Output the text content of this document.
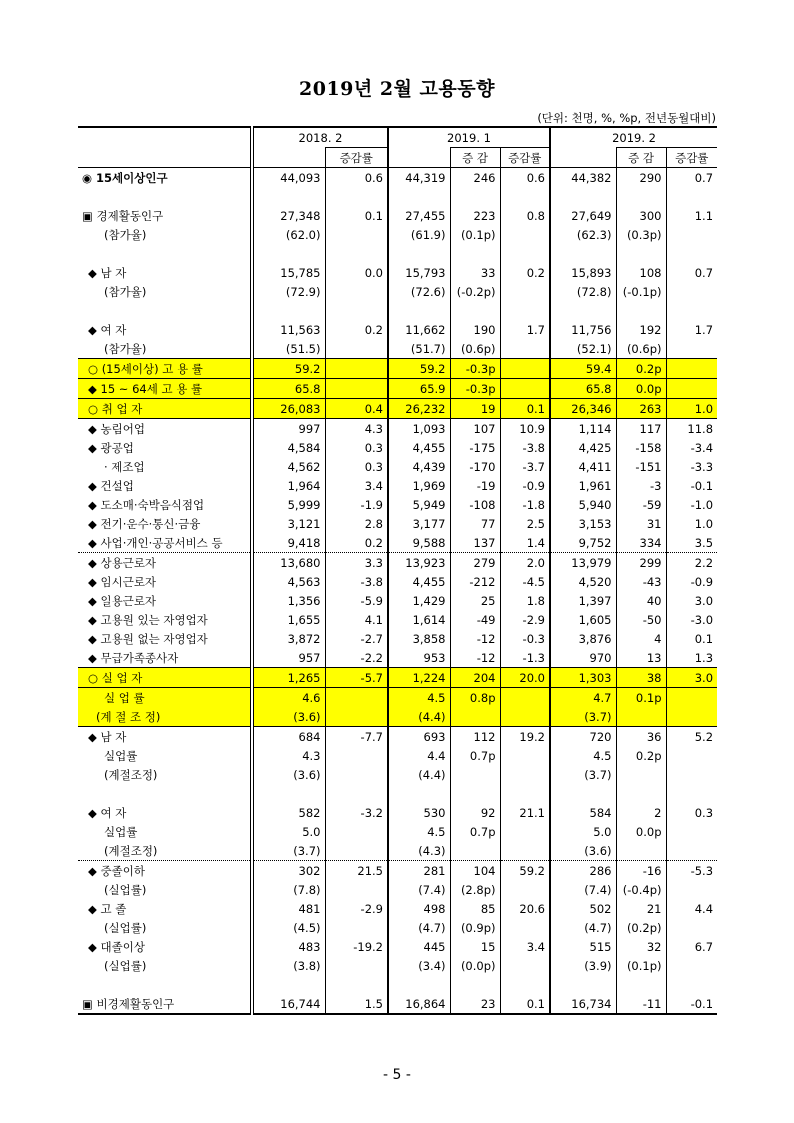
2019년 2월 고용동향
(단위: 천명, %, %p, 전년동월대비)
	2018. 2		2019. 1			2019. 2		
		증감률		증 감	증감률		증 감	증감률
◉ 15세이상인구	44,093	0.6	44,319	246	0.6	44,382	290	0.7

▣ 경제활동인구	27,348	0.1	27,455	223	0.8	27,649	300	1.1
(참가율)	(62.0)		(61.9)	(0.1p)		(62.3)	(0.3p)	

◆ 남 자	15,785	0.0	15,793	33	0.2	15,893	108	0.7
(참가율)	(72.9)		(72.6)	(-0.2p)		(72.8)	(-0.1p)	

◆ 여 자	11,563	0.2	11,662	190	1.7	11,756	192	1.7
(참가율)	(51.5)		(51.7)	(0.6p)		(52.1)	(0.6p)	
○ (15세이상) 고 용 률	59.2		59.2	-0.3p		59.4	0.2p	
◆ 15 ~ 64세 고 용 률	65.8		65.9	-0.3p		65.8	0.0p	
○ 취 업 자	26,083	0.4	26,232	19	0.1	26,346	263	1.0
◆ 농림어업	997	4.3	1,093	107	10.9	1,114	117	11.8
◆ 광공업	4,584	0.3	4,455	-175	-3.8	4,425	-158	-3.4
· 제조업	4,562	0.3	4,439	-170	-3.7	4,411	-151	-3.3
◆ 건설업	1,964	3.4	1,969	-19	-0.9	1,961	-3	-0.1
◆ 도소매·숙박음식점업	5,999	-1.9	5,949	-108	-1.8	5,940	-59	-1.0
◆ 전기·운수·통신·금융	3,121	2.8	3,177	77	2.5	3,153	31	1.0
◆ 사업·개인·공공서비스 등	9,418	0.2	9,588	137	1.4	9,752	334	3.5
◆ 상용근로자	13,680	3.3	13,923	279	2.0	13,979	299	2.2
◆ 임시근로자	4,563	-3.8	4,455	-212	-4.5	4,520	-43	-0.9
◆ 일용근로자	1,356	-5.9	1,429	25	1.8	1,397	40	3.0
◆ 고용원 있는 자영업자	1,655	4.1	1,614	-49	-2.9	1,605	-50	-3.0
◆ 고용원 없는 자영업자	3,872	-2.7	3,858	-12	-0.3	3,876	4	0.1
◆ 무급가족종사자	957	-2.2	953	-12	-1.3	970	13	1.3
○ 실 업 자	1,265	-5.7	1,224	204	20.0	1,303	38	3.0
실 업 률	4.6		4.5	0.8p		4.7	0.1p	
(계 절 조 정)	(3.6)		(4.4)			(3.7)		
◆ 남 자	684	-7.7	693	112	19.2	720	36	5.2
실업률	4.3		4.4	0.7p		4.5	0.2p	
(계절조정)	(3.6)		(4.4)			(3.7)		

◆ 여 자	582	-3.2	530	92	21.1	584	2	0.3
실업률	5.0		4.5	0.7p		5.0	0.0p	
(계절조정)	(3.7)		(4.3)			(3.6)		
◆ 중졸이하	302	21.5	281	104	59.2	286	-16	-5.3
(실업률)	(7.8)		(7.4)	(2.8p)		(7.4)	(-0.4p)	
◆ 고 졸	481	-2.9	498	85	20.6	502	21	4.4
(실업률)	(4.5)		(4.7)	(0.9p)		(4.7)	(0.2p)	
◆ 대졸이상	483	-19.2	445	15	3.4	515	32	6.7
(실업률)	(3.8)		(3.4)	(0.0p)		(3.9)	(0.1p)	

▣ 비경제활동인구	16,744	1.5	16,864	23	0.1	16,734	-11	-0.1
- 5 -
